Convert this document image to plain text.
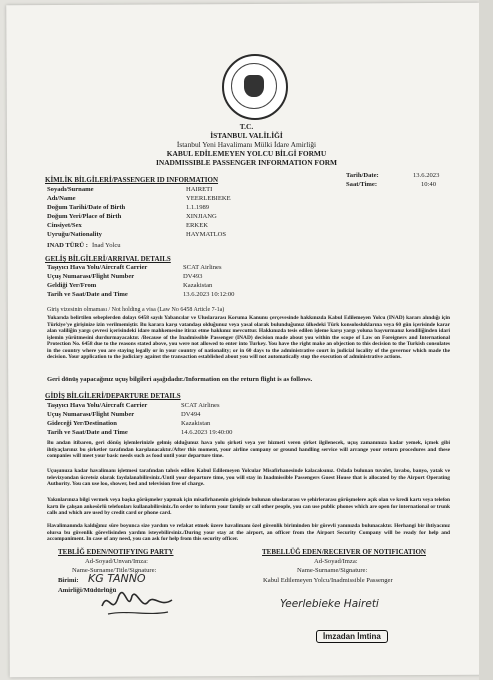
T.C.
İSTANBUL VALİLİĞİ
İstanbul Yeni Havalimanı Mülki İdare Amirliği
KABUL EDİLEMEYEN YOLCU BİLGİ FORMU
INADMISSIBLE PASSENGER INFORMATION FORM
Tarih/Date:	13.6.2023
Saat/Time:	10:40
KİMLİK BİLGİLERİ/PASSENGER ID INFORMATION
Soyadı/Surname	HAIRETI
Adı/Name	YEERLEBIEKE
Doğum Tarihi/Date of Birth	1.1.1989
Doğum Yeri/Place of Birth	XINJIANG
Cinsiyet/Sex	ERKEK
Uyruğu/Nationality	HAYMATLOS
INAD TÜRÜ : İnad Yolcu
GELİŞ BİLGİLERİ/ARRIVAL DETAILS
Taşıyıcı Hava Yolu/Aircraft Carrier	SCAT Airlines
Uçuş Numarası/Flight Number	DV493
Geldiği Yer/From	Kazakistan
Tarih ve Saat/Date and Time	13.6.2023 10:12:00
Giriş vizesinin olmaması / Not holding a visa (Law No 6458 Article 7-1a)
Yukarıda belirtilen sebeplerden dolayı 6458 sayılı Yabancılar ve Uluslararası Koruma Kanunu çerçevesinde hakkınızda Kabul Edilemeyen Yolcu (INAD) kararı alındığı için Türkiye'ye girişinize izin verilmemiştir. Bu karara karşı vatandaşı olduğunuz veya yasal olarak bulunduğunuz ülkedeki Türk konsolosluklarına veya 60 gün içerisinde karar alan valiliğin yargı çevresi içerisindeki idare mahkemesine itiraz etme hakkınız mevcuttur. Hakkınızda tesis edilen işleme karşı yargı yoluna başvurmanız kendiliğinden idari işlemin yürütmesini durdurmayacaktır. /Because of the Inadmissible Passenger (INAD) decision made about you within the scope of Law on Foreigners and International Protection No. 6458 due to the reasons stated above, you were not allowed to enter into Turkey. You have the right make an objection to this decision to the Turkish consulates in the country where you are staying legally or in your country of nationality; or in 60 days to the administrative court in judicial locality of the governor which made the decision. Your application to the judiciary against the transaction established about you will not automatically stop the execution of administrative actions.
Geri dönüş yapacağınız uçuş bilgileri aşağıdadır./Information on the return flight is as follows.
GİDİŞ BİLGİLERİ/DEPARTURE DETAILS
Taşıyıcı Hava Yolu/Aircraft Carrier	SCAT Airlines
Uçuş Numarası/Flight Number	DV494
Gideceği Yer/Destination	Kazakistan
Tarih ve Saat/Date and Time	14.6.2023 19:40:00
Bu andan itibaren, geri dönüş işlemlerinizle gelmiş olduğunuz hava yolu şirketi veya yer hizmeti veren şirket ilgilenecek, uçuş zamanınıza kadar yemek, içmek gibi ihtiyaçlarınız bu şirketler tarafından karşılanacaktır./After this moment, your airline company or ground handling service will arrange your return procedures and these companies will meet your basic needs such as food until your departure time.
Uçuşunuza kadar havalimanı işletmesi tarafından tahsis edilen Kabul Edilemeyen Yolcular Misafirhanesinde kalacaksınız. Odada bulunan tuvalet, lavabo, banyo, yatak ve televizyondan ücretsiz olarak faydalanabilirsiniz./Until your departure time, you will stay in Inadmissible Passengers Guest House that is allocated by the Airport Operating Authority. You can use loo, shower, bed and television free of charge.
Yakınlarınıza bilgi vermek veya başka görüşmeler yapmak için misafirhanenin girişinde bulunan uluslararası ve şehirlerarası görüşmelere açık olan ve kredi kartı veya telefon kartı ile çalışan ankesörlü telefonları kullanabilirsiniz./In order to inform your family or call other people, you can use public phones which are open for international or trunk calls and which are used by credit card or phone card.
Havalimanında kaldığınız süre boyunca size yardım ve refakat etmek üzere havalimanı özel güvenlik biriminden bir görevli yanınızda bulunacaktır. Herhangi bir ihtiyacınız olursa bu güvenlik görevlisinden yardım isteyebilirsiniz./During your stay at the airport, an officer from the Airport Security Company will be ready for help and accompaniment. In case of any need, you can ask for help from this security officer.
TEBLİĞ EDEN/NOTIFYING PARTY
Ad-Soyad/Unvan/Imza:
Name-Surname/Title/Signature:
Birimi:
Amirliği/Müdürlüğü
KG TANNO
TEBELLÜĞ EDEN/RECEIVER OF NOTIFICATION
Ad-Soyad/Imza:
Name-Surname/Signature:
Kabul Edilemeyen Yolcu/Inadmissible Passenger
Yeerlebieke Haireti
İmzadan İmtina
